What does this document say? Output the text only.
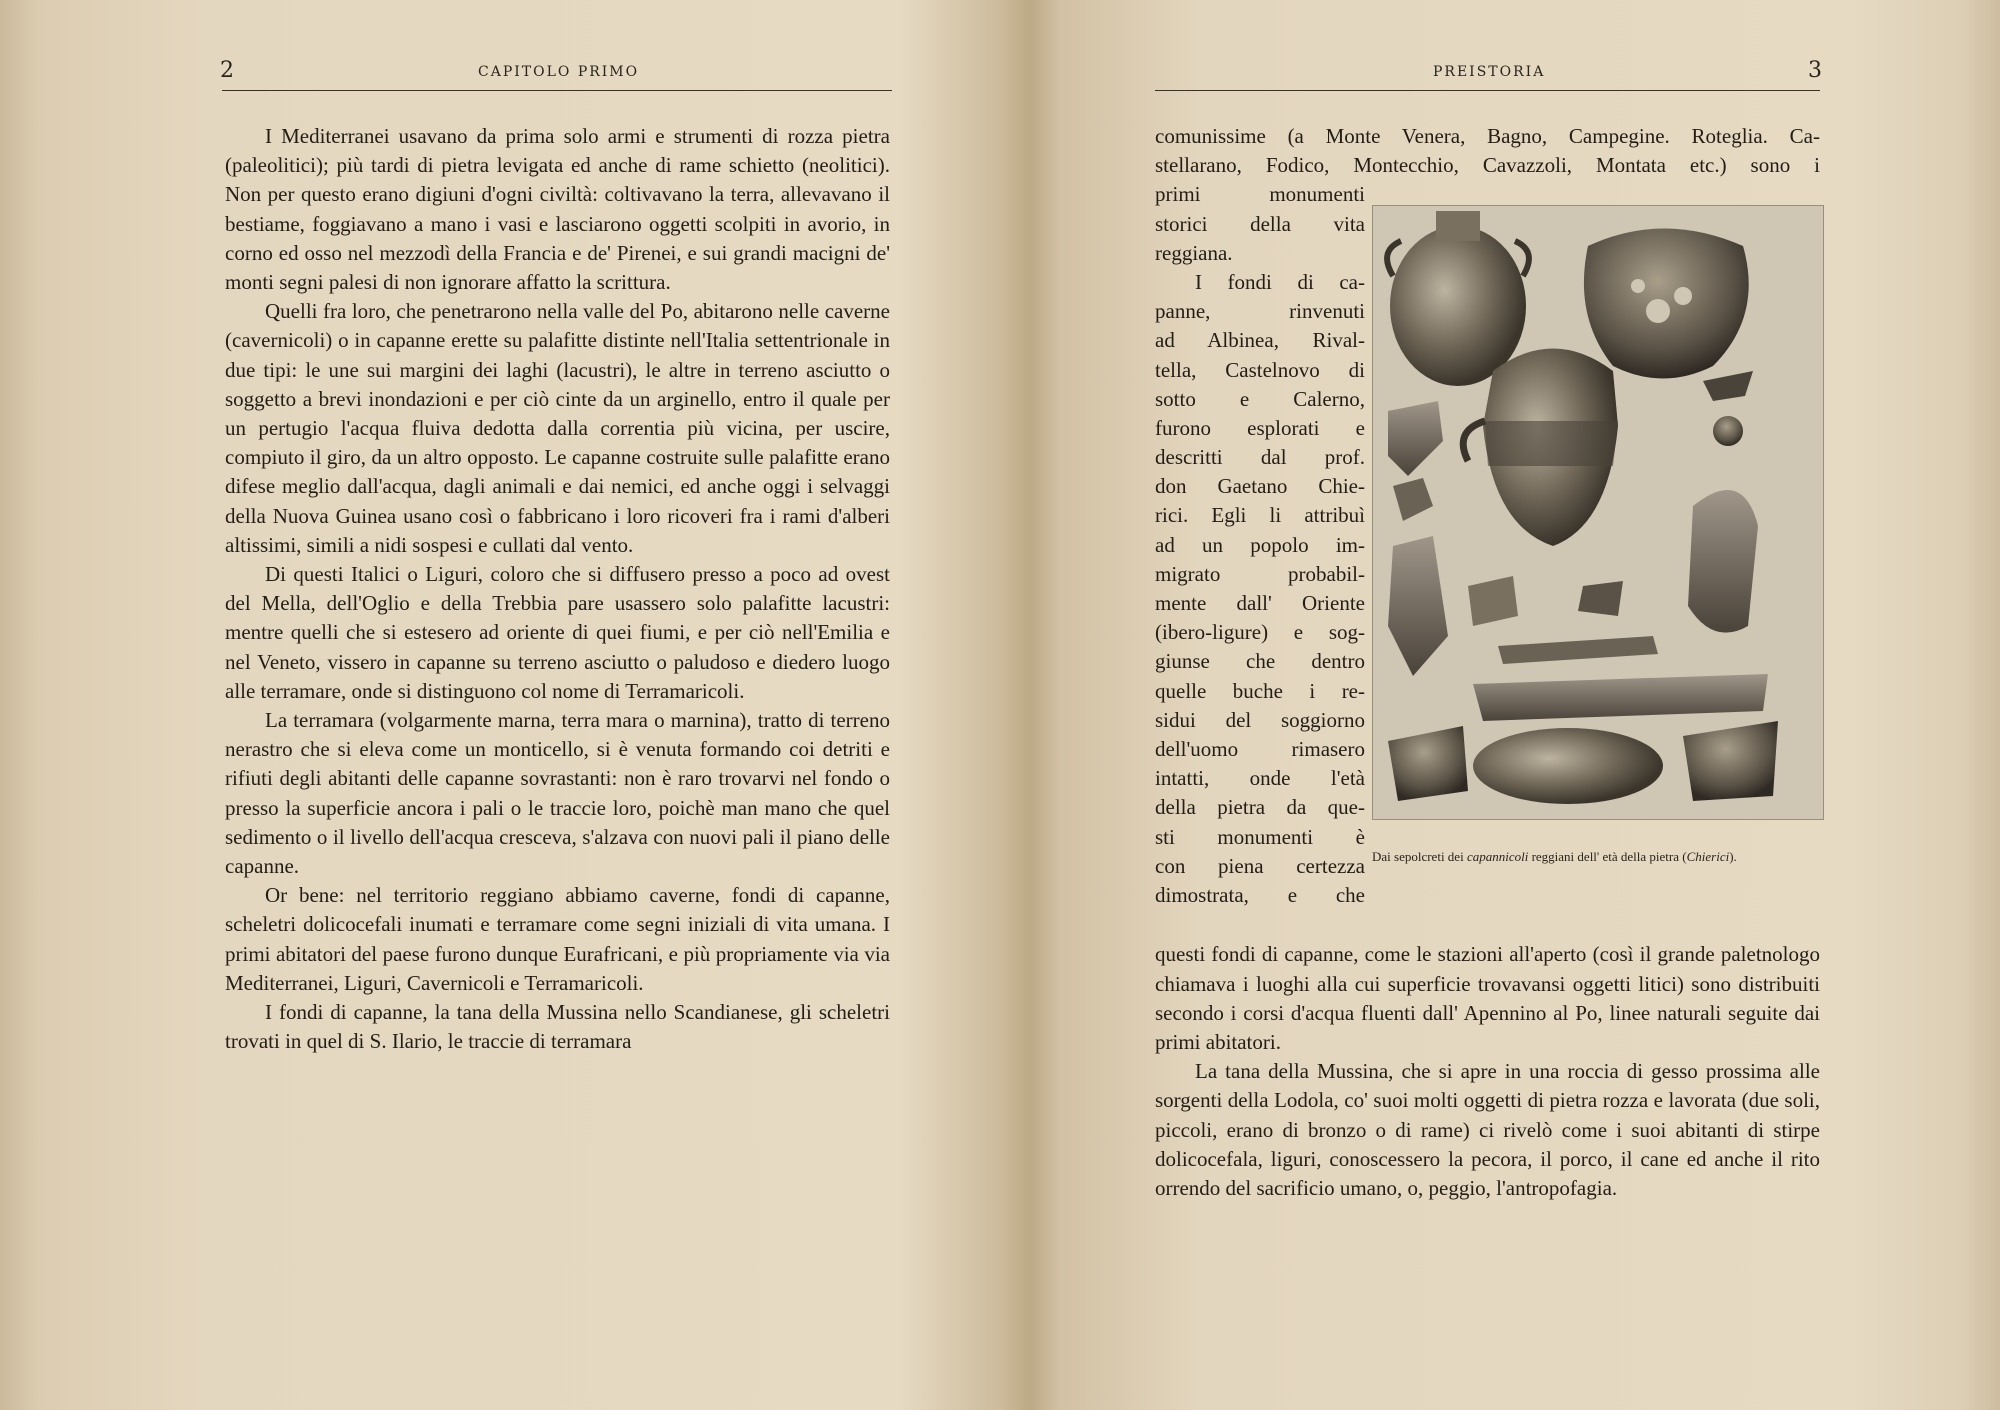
2	CAPITOLO PRIMO

I Mediterranei usavano da prima solo armi e strumenti di rozza pietra (paleolitici); più tardi di pietra levigata ed anche di rame schietto (neolitici). Non per questo erano digiuni d'ogni civiltà: coltivavano la terra, allevavano il bestiame, foggiavano a mano i vasi e lasciarono oggetti scolpiti in avorio, in corno ed osso nel mezzodì della Francia e de' Pirenei, e sui grandi macigni de' monti segni palesi di non ignorare affatto la scrittura.

Quelli fra loro, che penetrarono nella valle del Po, abitarono nelle caverne (cavernicoli) o in capanne erette su palafitte distinte nell'Italia settentrionale in due tipi: le une sui margini dei laghi (lacustri), le altre in terreno asciutto o soggetto a brevi inondazioni e per ciò cinte da un arginello, entro il quale per un pertugio l'acqua fluiva dedotta dalla correntia più vicina, per uscire, compiuto il giro, da un altro opposto. Le capanne costruite sulle palafitte erano difese meglio dall'acqua, dagli animali e dai nemici, ed anche oggi i selvaggi della Nuova Guinea usano così o fabbricano i loro ricoveri fra i rami d'alberi altissimi, simili a nidi sospesi e cullati dal vento.

Di questi Italici o Liguri, coloro che si diffusero presso a poco ad ovest del Mella, dell'Oglio e della Trebbia pare usassero solo palafitte lacustri: mentre quelli che si estesero ad oriente di quei fiumi, e per ciò nell'Emilia e nel Veneto, vissero in capanne su terreno asciutto o paludoso e diedero luogo alle terramare, onde si distinguono col nome di Terramaricoli.

La terramara (volgarmente marna, terra mara o marnina), tratto di terreno nerastro che si eleva come un monticello, si è venuta formando coi detriti e rifiuti degli abitanti delle capanne sovrastanti: non è raro trovarvi nel fondo o presso la superficie ancora i pali o le traccie loro, poichè man mano che quel sedimento o il livello dell'acqua cresceva, s'alzava con nuovi pali il piano delle capanne.

Or bene: nel territorio reggiano abbiamo caverne, fondi di capanne, scheletri dolicocefali inumati e terramare come segni iniziali di vita umana. I primi abitatori del paese furono dunque Eurafricani, e più propriamente via via Mediterranei, Liguri, Cavernicoli e Terramaricoli.

I fondi di capanne, la tana della Mussina nello Scandianese, gli scheletri trovati in quel di S. Ilario, le traccie di terramara

PREISTORIA	3
comunissime (a Monte Venera, Bagno, Campegine. Roteglia. Ca-
stellarano, Fodico, Montecchio, Cavazzoli, Montata etc.) sono i
primi monumenti
storici della vita
reggiana.
I fondi di ca-
panne, rinvenuti
ad Albinea, Rival-
tella, Castelnovo di
sotto e Calerno,
furono esplorati e
descritti dal prof.
don Gaetano Chie-
rici. Egli li attribuì
ad un popolo im-
migrato probabil-
mente dall' Oriente
(ibero-ligure) e sog-
giunse che dentro
quelle buche i re-
sidui del soggiorno
dell'uomo rimasero
intatti, onde l'età
della pietra da que-
sti monumenti è
con piena certezza
dimostrata, e che
Dai sepolcreti dei capannicoli reggiani dell' età della pietra (Chierici).

questi fondi di capanne, come le stazioni all'aperto (così il grande paletnologo chiamava i luoghi alla cui superficie trovavansi oggetti litici) sono distribuiti secondo i corsi d'acqua fluenti dall' Apennino al Po, linee naturali seguite dai primi abitatori.

La tana della Mussina, che si apre in una roccia di gesso prossima alle sorgenti della Lodola, co' suoi molti oggetti di pietra rozza e lavorata (due soli, piccoli, erano di bronzo o di rame) ci rivelò come i suoi abitanti di stirpe dolicocefala, liguri, conoscessero la pecora, il porco, il cane ed anche il rito orrendo del sacrificio umano, o, peggio, l'antropofagia.
